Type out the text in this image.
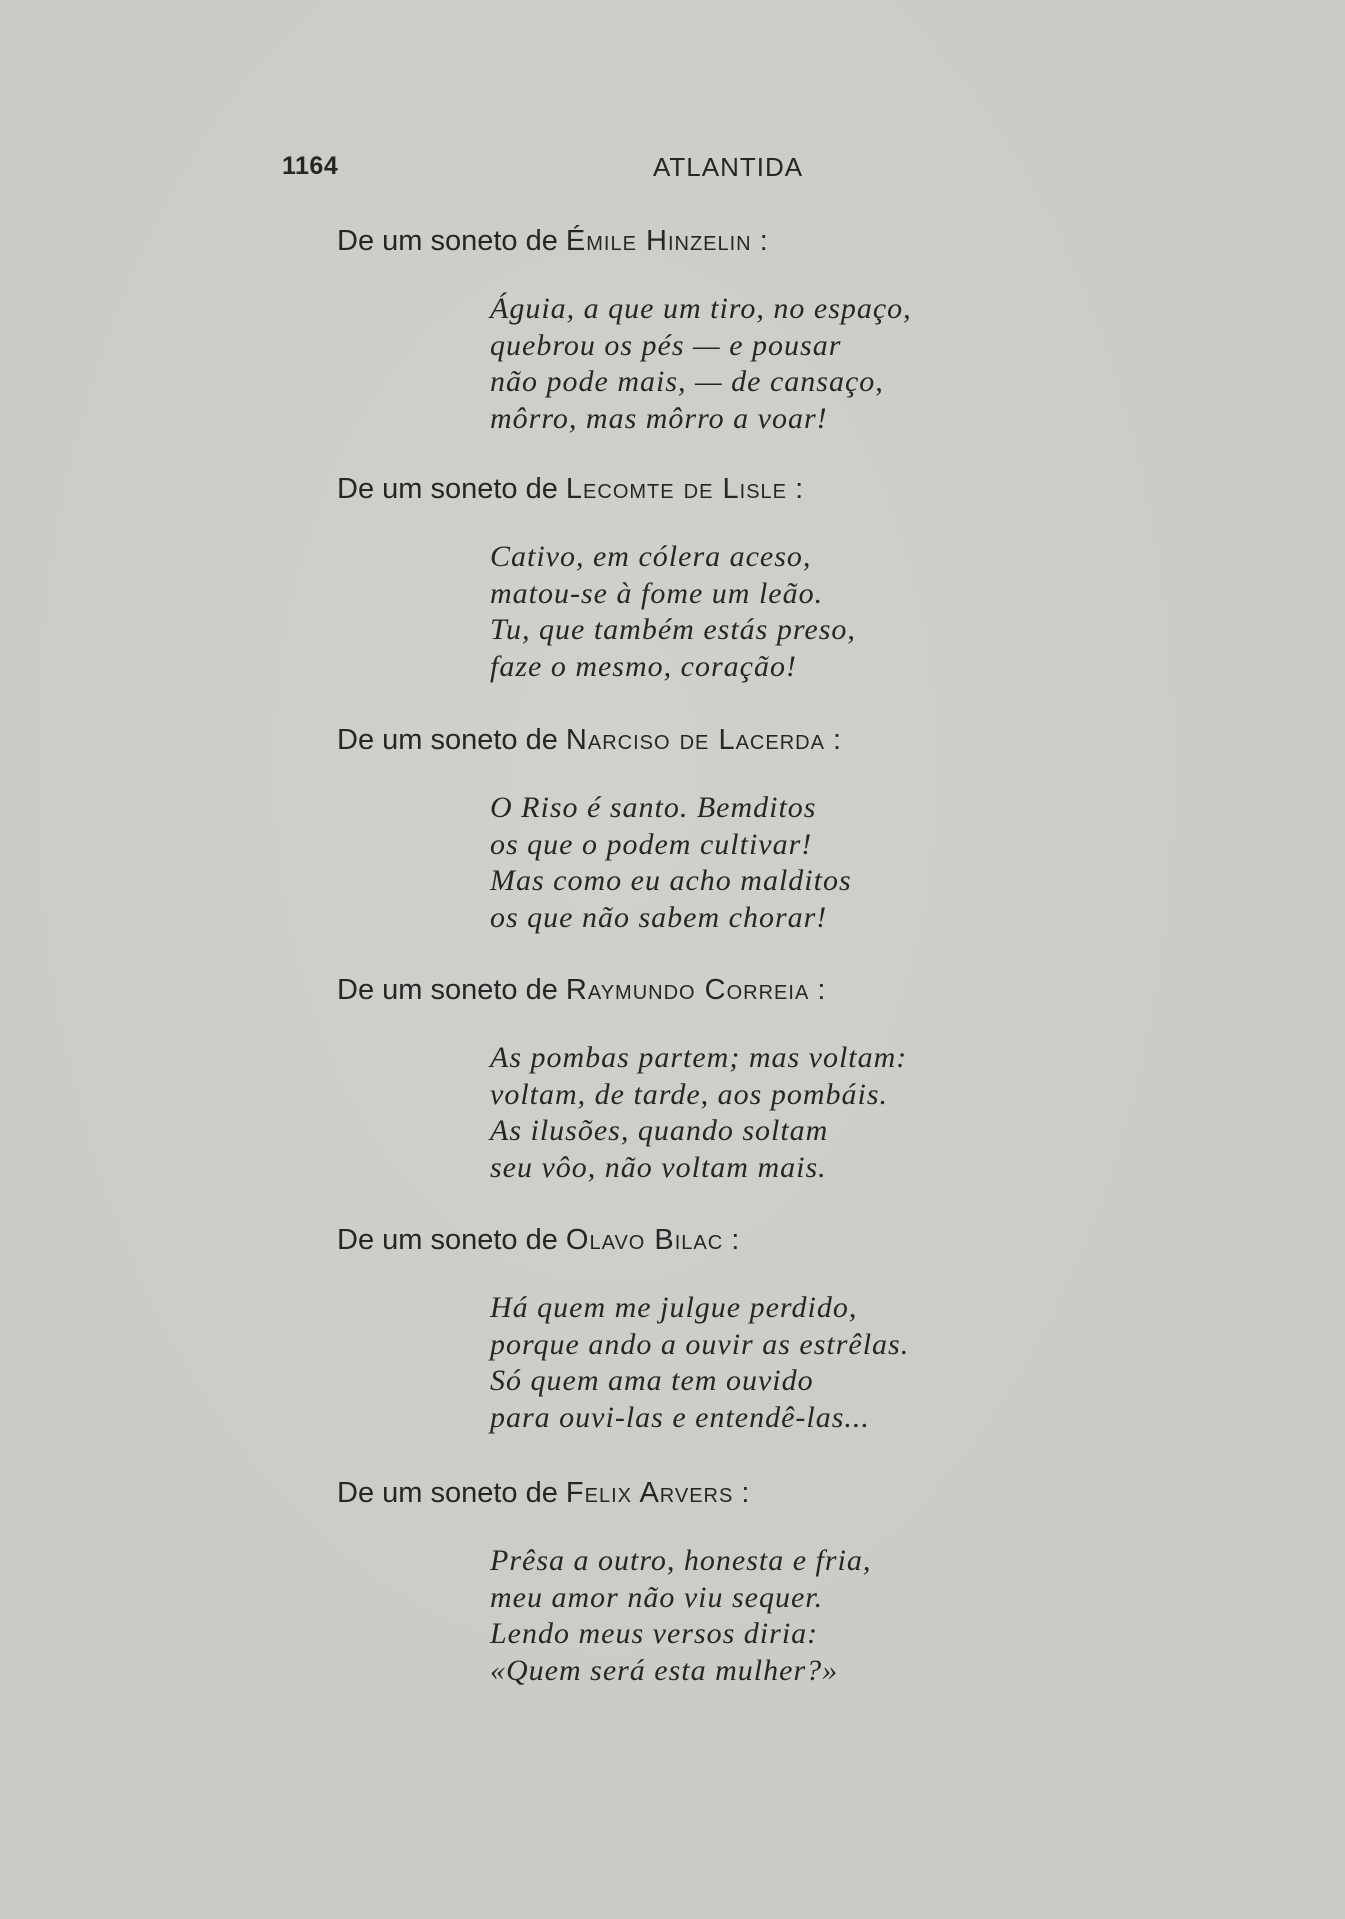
1164	ATLANTIDA
De um soneto de Émile Hinzelin :
Águia, a que um tiro, no espaço,
quebrou os pés — e pousar
não pode mais, — de cansaço,
môrro, mas môrro a voar!
De um soneto de Lecomte de Lisle :
Cativo, em cólera aceso,
matou-se à fome um leão.
Tu, que também estás preso,
faze o mesmo, coração!
De um soneto de Narciso de Lacerda :
O Riso é santo. Bemditos
os que o podem cultivar!
Mas como eu acho malditos
os que não sabem chorar!
De um soneto de Raymundo Correia :
As pombas partem; mas voltam:
voltam, de tarde, aos pombáis.
As ilusões, quando soltam
seu vôo, não voltam mais.
De um soneto de Olavo Bilac :
Há quem me julgue perdido,
porque ando a ouvir as estrêlas.
Só quem ama tem ouvido
para ouvi-las e entendê-las...
De um soneto de Felix Arvers :
Prêsa a outro, honesta e fria,
meu amor não viu sequer.
Lendo meus versos diria:
«Quem será esta mulher?»
